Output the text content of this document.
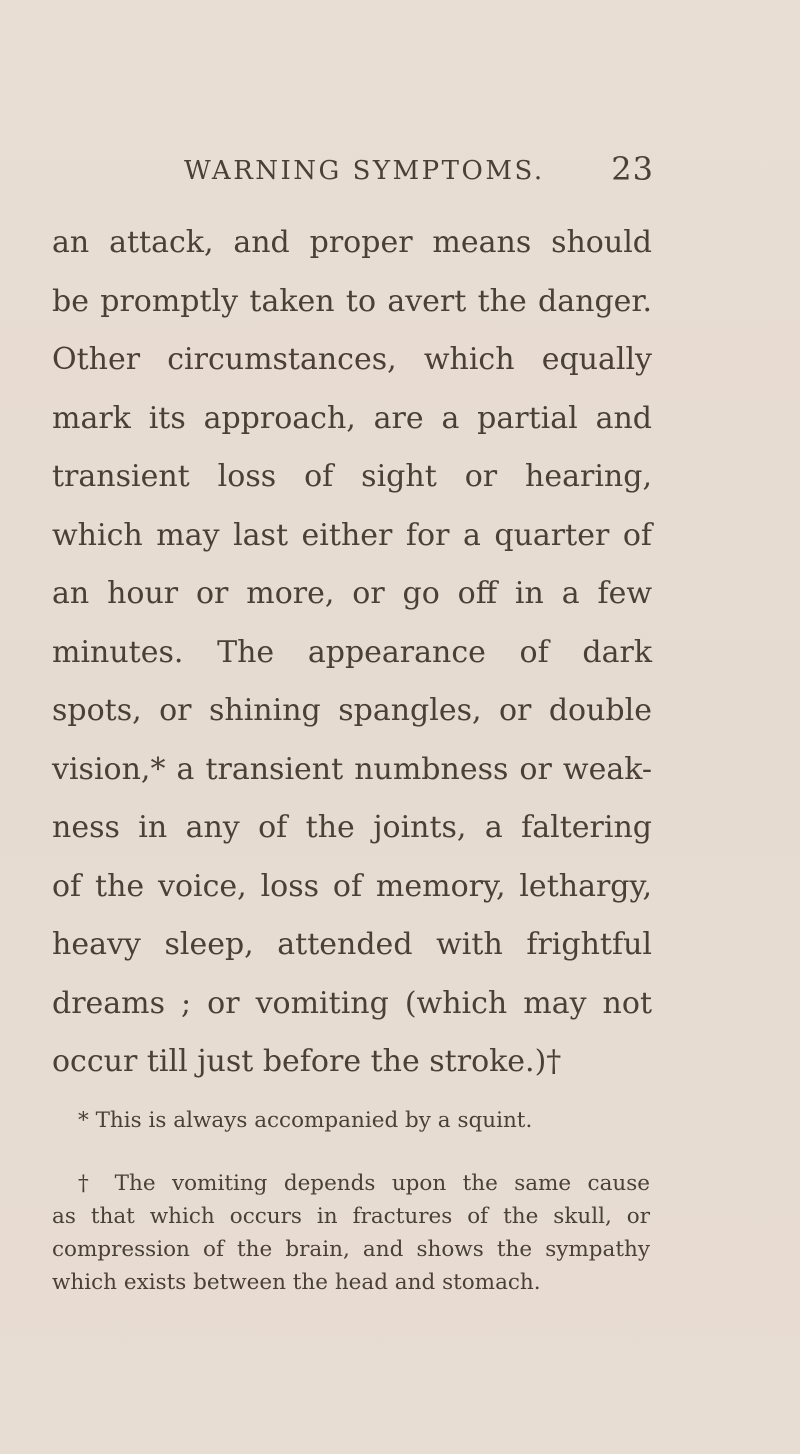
WARNING SYMPTOMS. 23
an attack, and proper means should
be promptly taken to avert the danger.
Other circumstances, which equally
mark its approach, are a partial and
transient loss of sight or hearing,
which may last either for a quarter of
an hour or more, or go off in a few
minutes. The appearance of dark
spots, or shining spangles, or double
vision,* a transient numbness or weak-
ness in any of the joints, a faltering
of the voice, loss of memory, lethargy,
heavy sleep, attended with frightful
dreams ; or vomiting (which may not
occur till just before the stroke.)†
* This is always accompanied by a squint.
† The vomiting depends upon the same cause
as that which occurs in fractures of the skull, or
compression of the brain, and shows the sympathy
which exists between the head and stomach.
